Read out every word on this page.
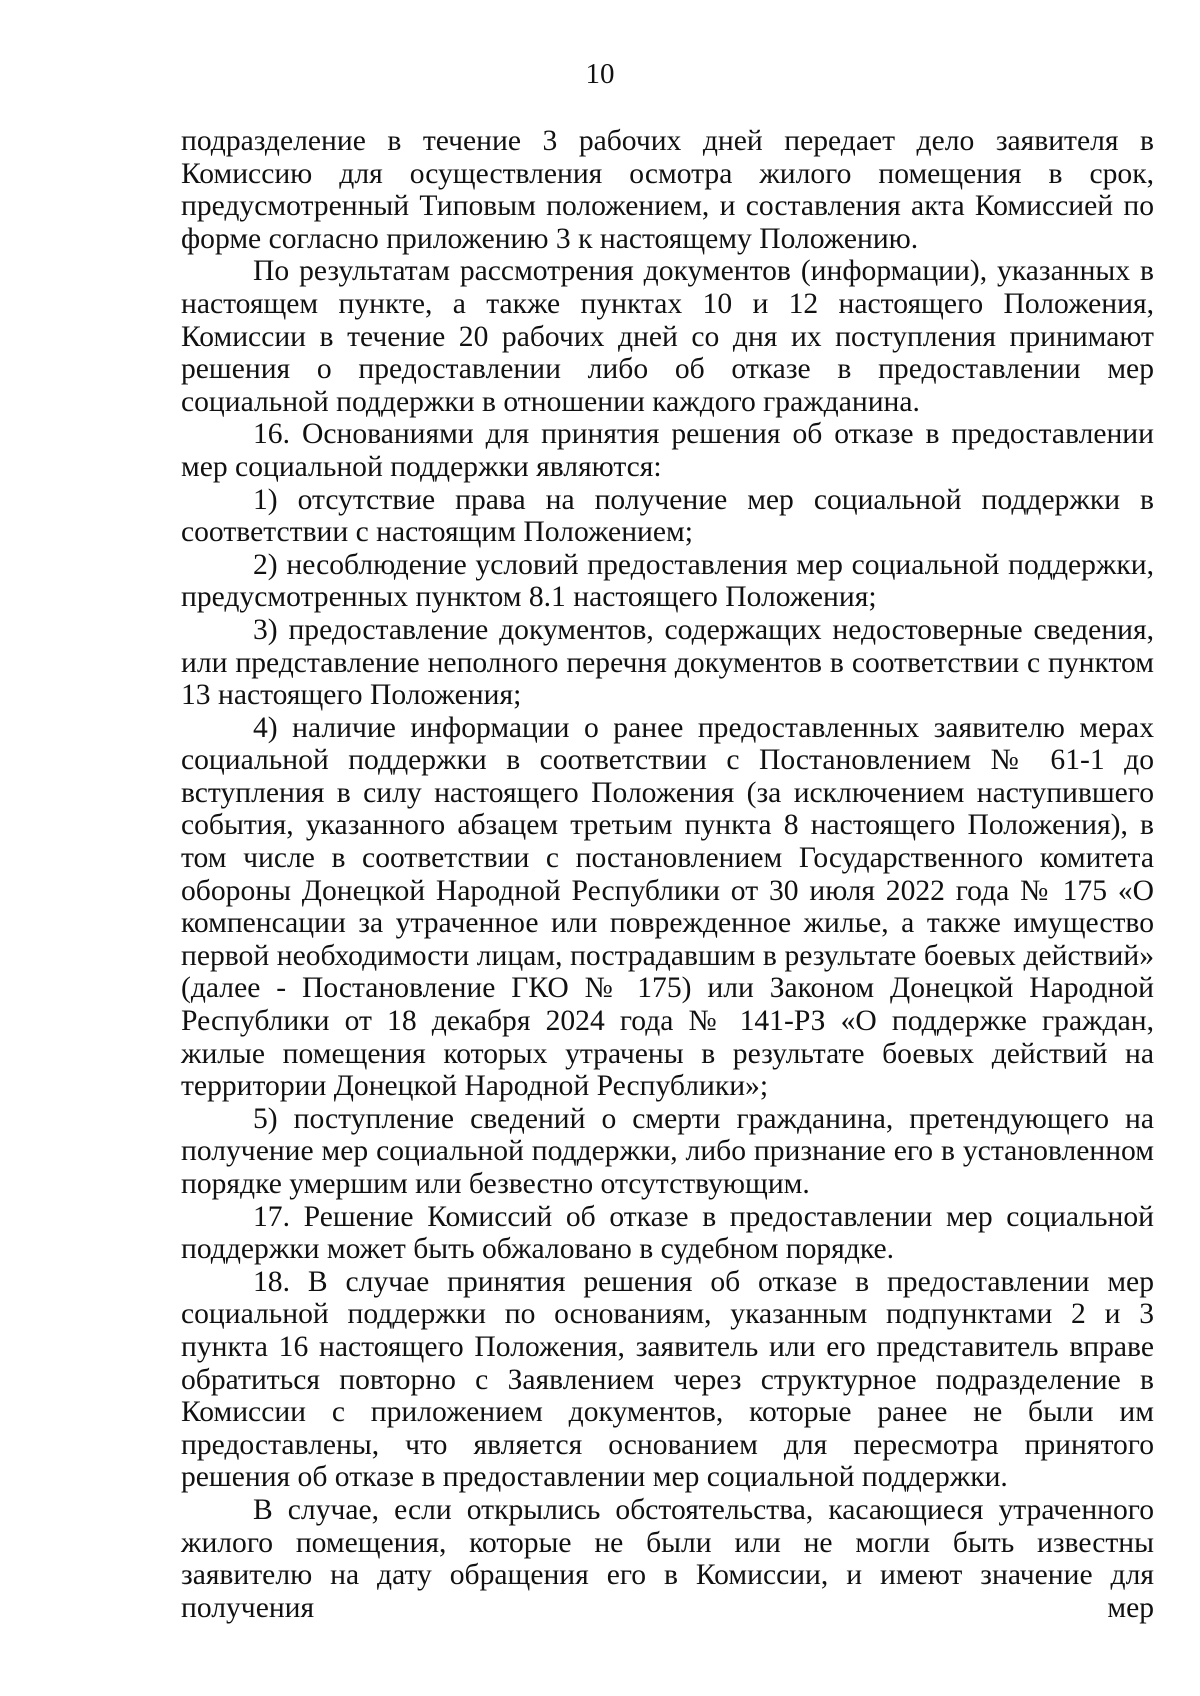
10

подразделение в течение 3 рабочих дней передает дело заявителя в Комиссию для осуществления осмотра жилого помещения в срок, предусмотренный Типовым положением, и составления акта Комиссией по форме согласно приложению 3 к настоящему Положению.

По результатам рассмотрения документов (информации), указанных в настоящем пункте, а также пунктах 10 и 12 настоящего Положения, Комиссии в течение 20 рабочих дней со дня их поступления принимают решения о предоставлении либо об отказе в предоставлении мер социальной поддержки в отношении каждого гражданина.

16. Основаниями для принятия решения об отказе в предоставлении мер социальной поддержки являются:

1) отсутствие права на получение мер социальной поддержки в соответствии с настоящим Положением;

2) несоблюдение условий предоставления мер социальной поддержки, предусмотренных пунктом 8.1 настоящего Положения;

3) предоставление документов, содержащих недостоверные сведения, или представление неполного перечня документов в соответствии с пунктом 13 настоящего Положения;

4) наличие информации о ранее предоставленных заявителю мерах социальной поддержки в соответствии с Постановлением № 61-1 до вступления в силу настоящего Положения (за исключением наступившего события, указанного абзацем третьим пункта 8 настоящего Положения), в том числе в соответствии с постановлением Государственного комитета обороны Донецкой Народной Республики от 30 июля 2022 года № 175 «О компенсации за утраченное или поврежденное жилье, а также имущество первой необходимости лицам, пострадавшим в результате боевых действий» (далее - Постановление ГКО № 175) или Законом Донецкой Народной Республики от 18 декабря 2024 года № 141-РЗ «О поддержке граждан, жилые помещения которых утрачены в результате боевых действий на территории Донецкой Народной Республики»;

5) поступление сведений о смерти гражданина, претендующего на получение мер социальной поддержки, либо признание его в установленном порядке умершим или безвестно отсутствующим.

17. Решение Комиссий об отказе в предоставлении мер социальной поддержки может быть обжаловано в судебном порядке.

18. В случае принятия решения об отказе в предоставлении мер социальной поддержки по основаниям, указанным подпунктами 2 и 3 пункта 16 настоящего Положения, заявитель или его представитель вправе обратиться повторно с Заявлением через структурное подразделение в Комиссии с приложением документов, которые ранее не были им предоставлены, что является основанием для пересмотра принятого решения об отказе в предоставлении мер социальной поддержки.

В случае, если открылись обстоятельства, касающиеся утраченного жилого помещения, которые не были или не могли быть известны заявителю на дату обращения его в Комиссии, и имеют значение для получения мер
